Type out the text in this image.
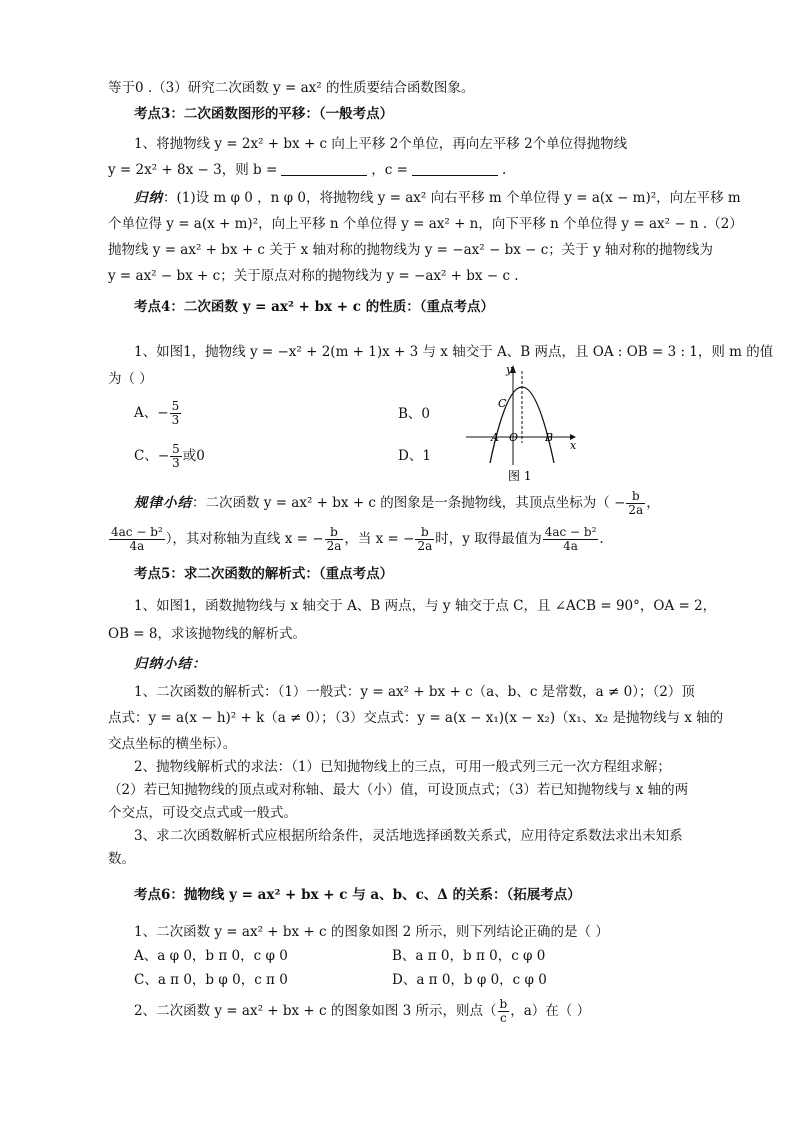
等于0 .（3）研究二次函数 y = ax² 的性质要结合函数图象。
考点3：二次函数图形的平移：（一般考点）
1、将抛物线 y = 2x² + bx + c 向上平移 2个单位，再向左平移 2个单位得抛物线
y = 2x² + 8x − 3，则 b =	，c =	.
归纳：(1)设 m φ 0 ，n φ 0，将抛物线 y = ax² 向右平移 m 个单位得 y = a(x − m)²，向左平移 m
个单位得 y = a(x + m)²，向上平移 n 个单位得 y = ax² + n，向下平移 n 个单位得 y = ax² − n .（2）
抛物线 y = ax² + bx + c 关于 x 轴对称的抛物线为 y = −ax² − bx − c；关于 y 轴对称的抛物线为
y = ax² − bx + c；关于原点对称的抛物线为 y = −ax² + bx − c .
考点4：二次函数 y = ax² + bx + c 的性质：（重点考点）
1、如图1，抛物线 y = −x² + 2(m + 1)x + 3 与 x 轴交于 A、B 两点，且 OA : OB = 3 : 1，则 m 的值
为（ ）
A、− $\frac{5}{3}$	B、0
C、− $\frac{5}{3}$ 或0	D、1
y
x
C
A O B
图 1
规律小结：二次函数 y = ax² + bx + c 的图象是一条抛物线，其顶点坐标为（ − $\frac{b}{2a}$ ，
$\frac{\text{4ac − b²}}{4a}$ ），其对称轴为直线 x = − $\frac{b}{2a}$ ，当 x = − $\frac{b}{2a}$ 时，y 取得最值为 $\frac{\text{4ac − b²}}{4a}$ .
考点5：求二次函数的解析式：（重点考点）
1、如图1，函数抛物线与 x 轴交于 A、B 两点，与 y 轴交于点 C，且 ∠ACB = 90°，OA = 2，
OB = 8，求该抛物线的解析式。
归纳小结：
1、二次函数的解析式：（1）一般式：y = ax² + bx + c（a、b、c 是常数，a ≠ 0）；（2）顶
点式：y = a(x − h)² + k（a ≠ 0）；（3）交点式：y = a(x − x₁)(x − x₂)（x₁、x₂ 是抛物线与 x 轴的
交点坐标的横坐标）。
2、抛物线解析式的求法：（1）已知抛物线上的三点，可用一般式列三元一次方程组求解；
（2）若已知抛物线的顶点或对称轴、最大（小）值，可设顶点式；（3）若已知抛物线与 x 轴的两
个交点，可设交点式或一般式。
3、求二次函数解析式应根据所给条件，灵活地选择函数关系式，应用待定系数法求出未知系
数。
考点6：抛物线 y = ax² + bx + c 与 a、b、c、Δ 的关系：（拓展考点）
1、二次函数 y = ax² + bx + c 的图象如图 2 所示，则下列结论正确的是（ ）
A、a φ 0，b π 0，c φ 0	B、a π 0，b π 0，c φ 0
C、a π 0，b φ 0，c π 0	D、a π 0，b φ 0，c φ 0
2、二次函数 y = ax² + bx + c 的图象如图 3 所示，则点（ $\frac{b}{c}$ ，a）在（ ）
